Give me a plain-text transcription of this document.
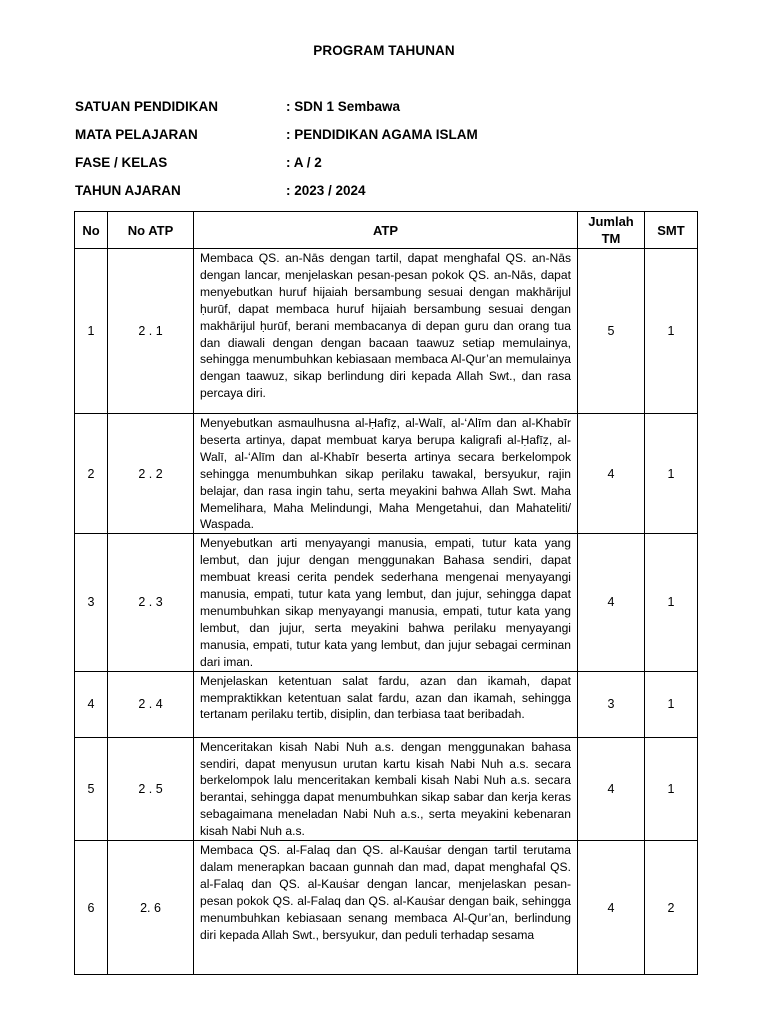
PROGRAM TAHUNAN
SATUAN PENDIDIKAN	: SDN 1 Sembawa
MATA PELAJARAN	: PENDIDIKAN AGAMA ISLAM
FASE / KELAS	: A / 2
TAHUN AJARAN	: 2023 / 2024
No	No ATP	ATP	Jumlah TM	SMT
1	2 . 1	Membaca QS. an-Nās dengan tartil, dapat menghafal QS. an-Nās dengan lancar, menjelaskan pesan-pesan pokok QS. an-Nās, dapat menyebutkan huruf hijaiah bersambung sesuai dengan makhārijul ḥurūf, dapat membaca huruf hijaiah bersambung sesuai dengan makhārijul ḥurūf, berani membacanya di depan guru dan orang tua dan diawali dengan dengan bacaan taawuz setiap memulainya, sehingga menumbuhkan kebiasaan membaca Al-Qur’an memulainya dengan taawuz, sikap berlindung diri kepada Allah Swt., dan rasa percaya diri.	5	1
2	2 . 2	Menyebutkan asmaulhusna al-Ḥafīẓ, al-Walī, al-‘Alīm dan al-Khabīr beserta artinya, dapat membuat karya berupa kaligrafi al-Ḥafīẓ, al-Walī, al-‘Alīm dan al-Khabīr beserta artinya secara berkelompok sehingga menumbuhkan sikap perilaku tawakal, bersyukur, rajin belajar, dan rasa ingin tahu, serta meyakini bahwa Allah Swt. Maha Memelihara, Maha Melindungi, Maha Mengetahui, dan Mahateliti/ Waspada.	4	1
3	2 . 3	Menyebutkan arti menyayangi manusia, empati, tutur kata yang lembut, dan jujur dengan menggunakan Bahasa sendiri, dapat membuat kreasi cerita pendek sederhana mengenai menyayangi manusia, empati, tutur kata yang lembut, dan jujur, sehingga dapat menumbuhkan sikap menyayangi manusia, empati, tutur kata yang lembut, dan jujur, serta meyakini bahwa perilaku menyayangi manusia, empati, tutur kata yang lembut, dan jujur sebagai cerminan dari iman.	4	1
4	2 . 4	Menjelaskan ketentuan salat fardu, azan dan ikamah, dapat mempraktikkan ketentuan salat fardu, azan dan ikamah, sehingga tertanam perilaku tertib, disiplin, dan terbiasa taat beribadah.	3	1
5	2 . 5	Menceritakan kisah Nabi Nuh a.s. dengan menggunakan bahasa sendiri, dapat menyusun urutan kartu kisah Nabi Nuh a.s. secara berkelompok lalu menceritakan kembali kisah Nabi Nuh a.s. secara berantai, sehingga dapat menumbuhkan sikap sabar dan kerja keras sebagaimana meneladan Nabi Nuh a.s., serta meyakini kebenaran kisah Nabi Nuh a.s.	4	1
6	2. 6	Membaca QS. al-Falaq dan QS. al-Kauṡar dengan tartil terutama dalam menerapkan bacaan gunnah dan mad, dapat menghafal QS. al-Falaq dan QS. al-Kauṡar dengan lancar, menjelaskan pesan-pesan pokok QS. al-Falaq dan QS. al-Kauṡar dengan baik, sehingga menumbuhkan kebiasaan senang membaca Al-Qur’an, berlindung diri kepada Allah Swt., bersyukur, dan peduli terhadap sesama	4	2
